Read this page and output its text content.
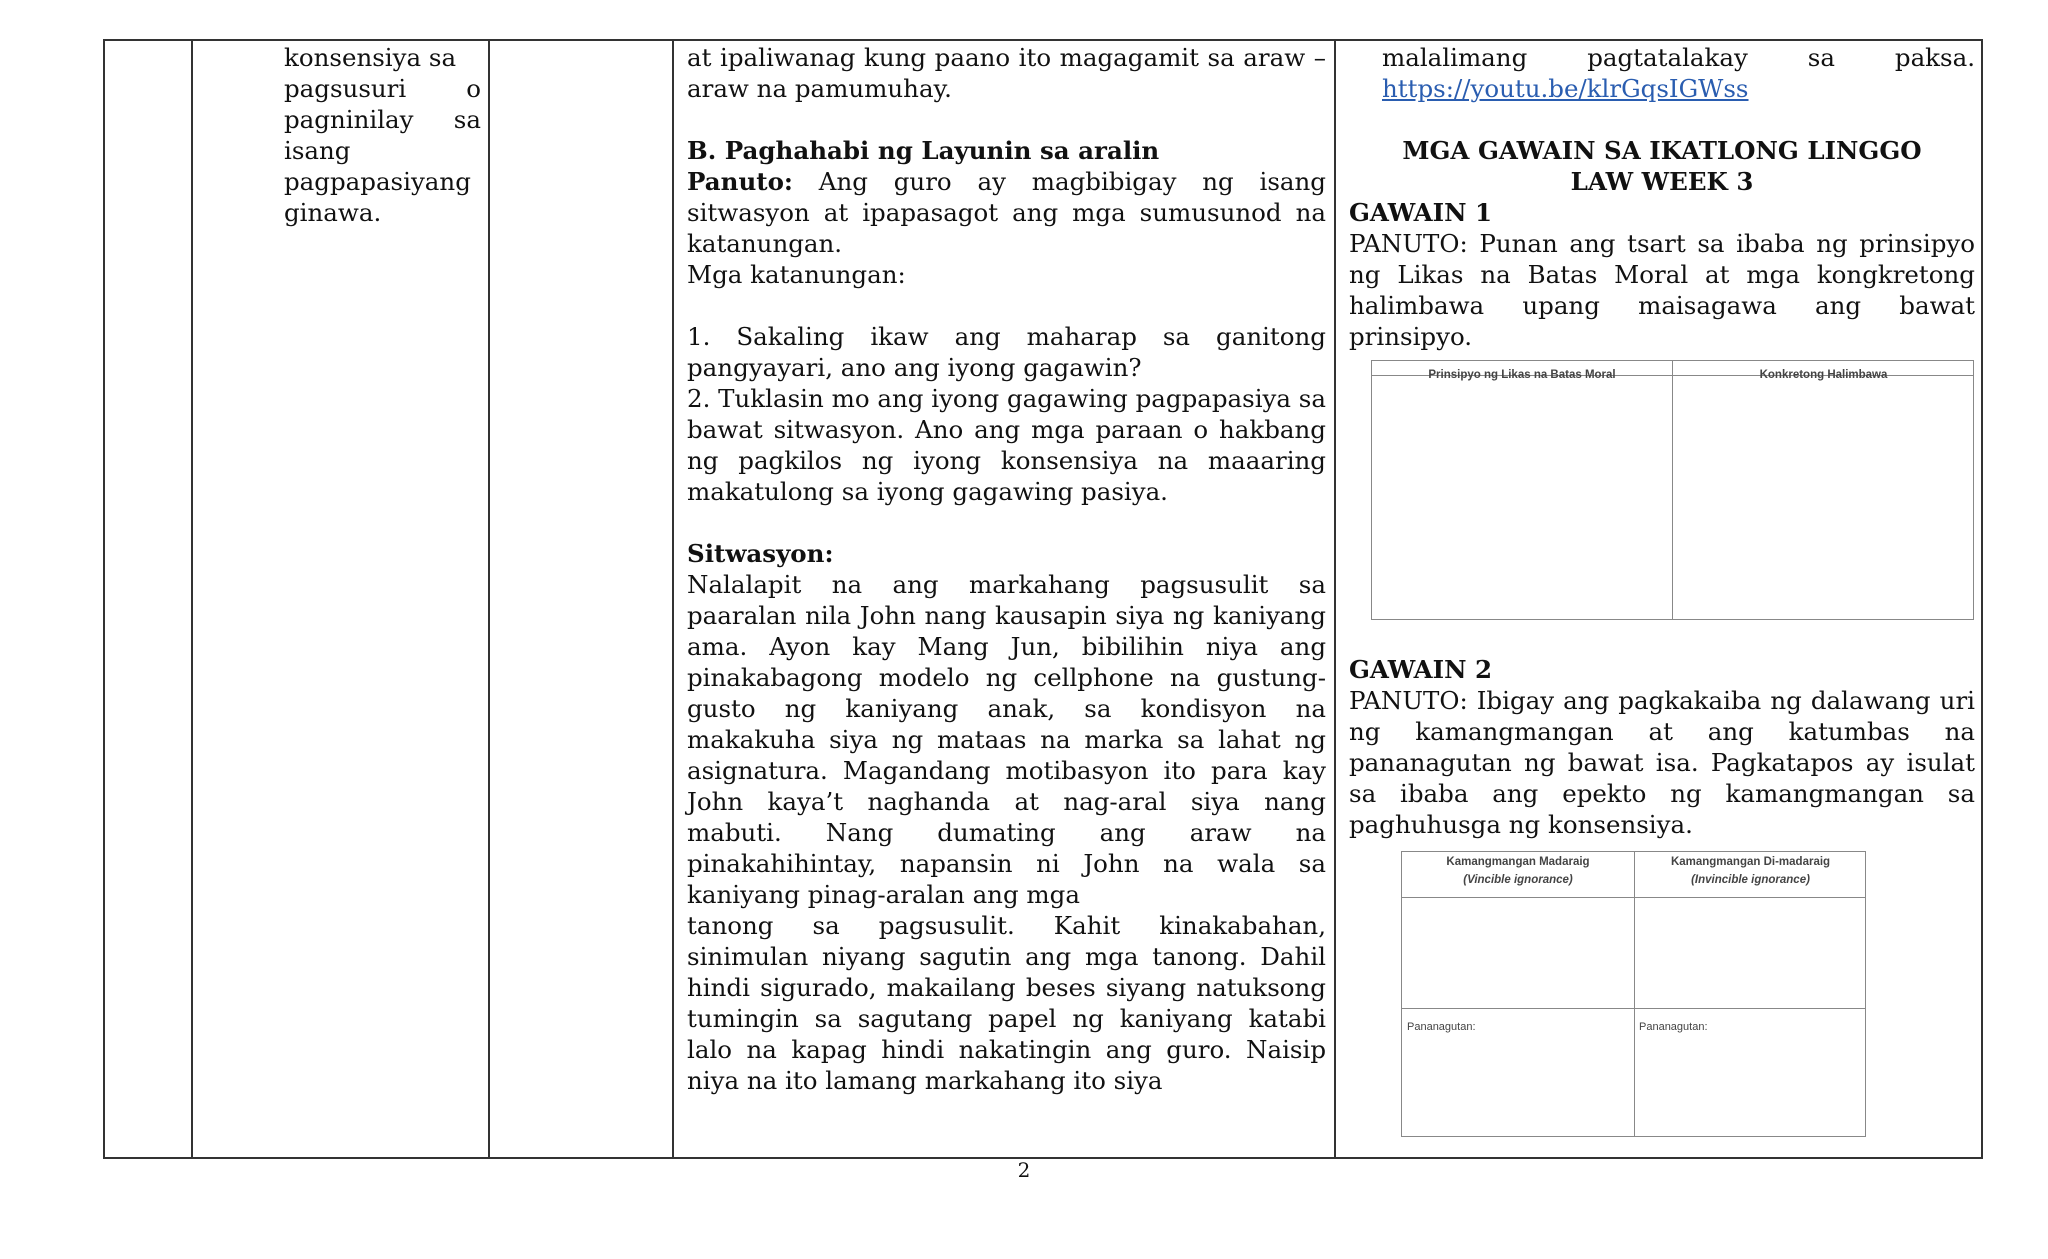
konsensiya sa
pagsusuri o
pagninilay sa
isang
pagpapasiyang
ginawa.
at ipaliwanag kung paano ito magagamit sa araw – araw na pamumuhay.
B. Paghahabi ng Layunin sa aralin
Panuto: Ang guro ay magbibigay ng isang sitwasyon at ipapasagot ang mga sumusunod na katanungan.
Mga katanungan:
1. Sakaling ikaw ang maharap sa ganitong pangyayari, ano ang iyong gagawin?
2. Tuklasin mo ang iyong gagawing pagpapasiya sa bawat sitwasyon. Ano ang mga paraan o hakbang ng pagkilos ng iyong konsensiya na maaaring makatulong sa iyong gagawing pasiya.
Sitwasyon:
Nalalapit na ang markahang pagsusulit sa paaralan nila John nang kausapin siya ng kaniyang ama. Ayon kay Mang Jun, bibilihin niya ang pinakabagong modelo ng cellphone na gustung-gusto ng kaniyang anak, sa kondisyon na makakuha siya ng mataas na marka sa lahat ng asignatura. Magandang motibasyon ito para kay John kaya’t naghanda at nag-aral siya nang mabuti. Nang dumating ang araw na pinakahihintay, napansin ni John na wala sa kaniyang pinag-aralan ang mga
tanong sa pagsusulit. Kahit kinakabahan, sinimulan niyang sagutin ang mga tanong. Dahil hindi sigurado, makailang beses siyang natuksong tumingin sa sagutang papel ng kaniyang katabi lalo na kapag hindi nakatingin ang guro. Naisip niya na ito lamang markahang ito siya
malalimang pagtatalakay sa paksa.
https://youtu.be/klrGqsIGWss
MGA GAWAIN SA IKATLONG LINGGO
LAW WEEK 3
GAWAIN 1
PANUTO: Punan ang tsart sa ibaba ng prinsipyo ng Likas na Batas Moral at mga kongkretong halimbawa upang maisagawa ang bawat prinsipyo.
Prinsipyo ng Likas na Batas Moral	Konkretong Halimbawa
GAWAIN 2
PANUTO: Ibigay ang pagkakaiba ng dalawang uri ng kamangmangan at ang katumbas na pananagutan ng bawat isa. Pagkatapos ay isulat sa ibaba ang epekto ng kamangmangan sa paghuhusga ng konsensiya.
Kamangmangan Madaraig
(Vincible ignorance)
Kamangmangan Di-madaraig
(Invincible ignorance)
Pananagutan:	Pananagutan:
2
